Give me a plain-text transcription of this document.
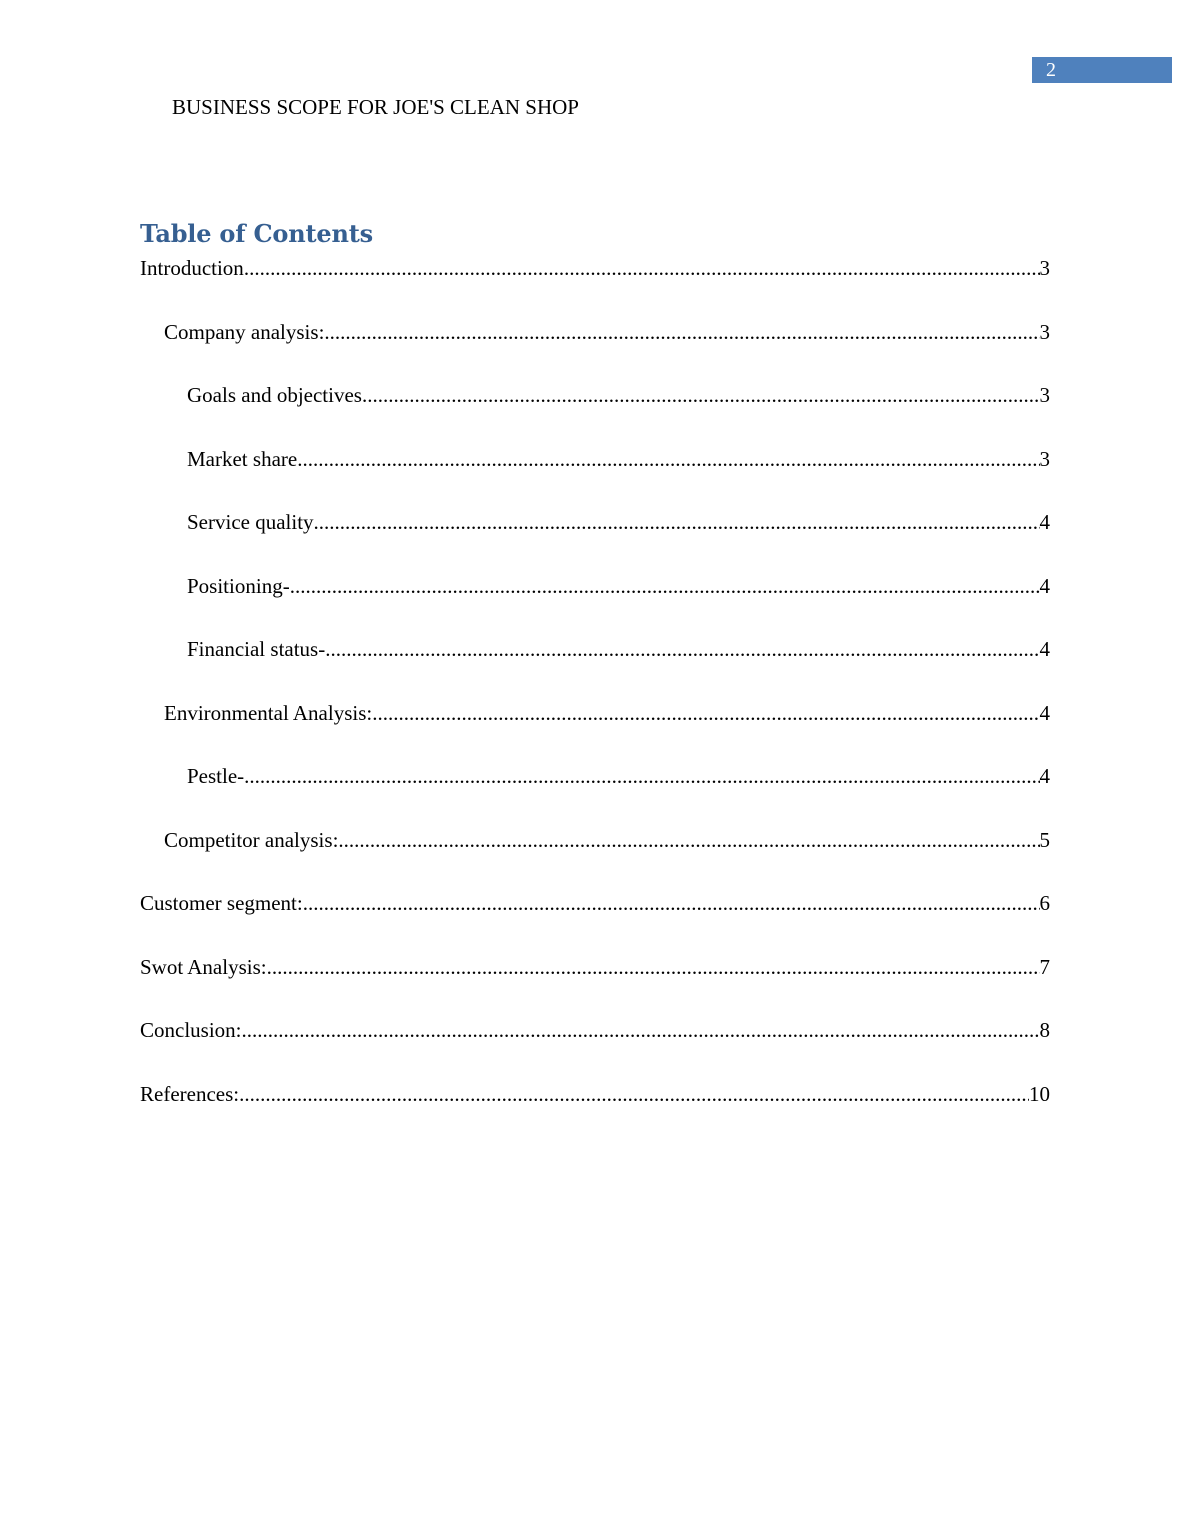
2
BUSINESS SCOPE FOR JOE'S CLEAN SHOP
Table of Contents
Introduction .....	3
Company analysis: .....	3
Goals and objectives .....	3
Market share .....	3
Service quality .....	4
Positioning- .....	4
Financial status- .....	4
Environmental Analysis: .....	4
Pestle- .....	4
Competitor analysis: .....	5
Customer segment: .....	6
Swot Analysis: .....	7
Conclusion: .....	8
References: .....	10
